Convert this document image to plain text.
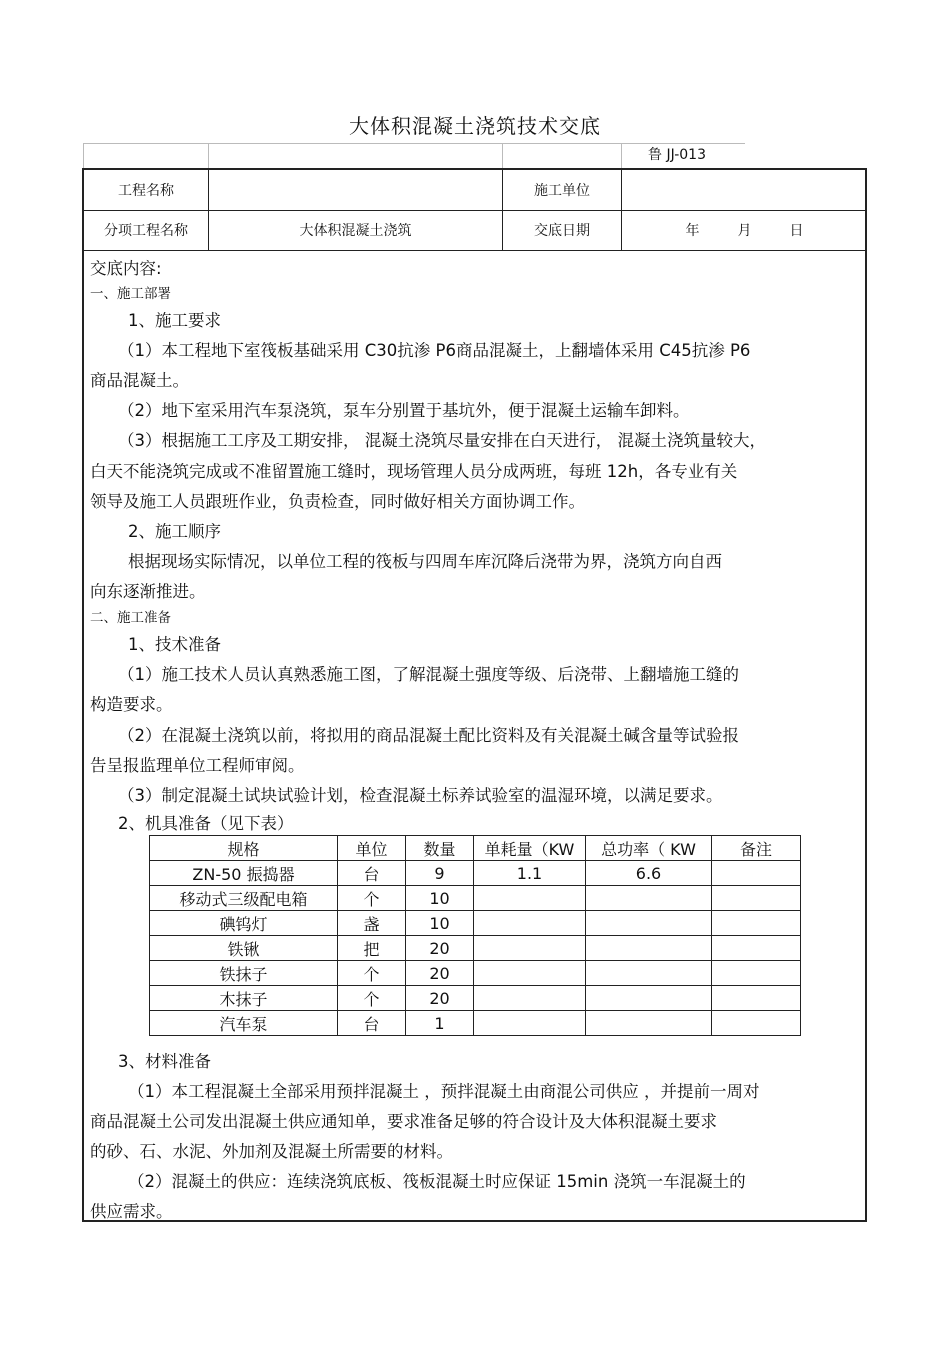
大体积混凝土浇筑技术交底
鲁 JJ-013
工程名称	施工单位
分项工程名称	大体积混凝土浇筑	交底日期	年	月	日
交底内容:
一、施工部署
1、施工要求
（1）本工程地下室筏板基础采用 C30抗渗 P6商品混凝土，上翻墙体采用 C45抗渗 P6
商品混凝土。
（2）地下室采用汽车泵浇筑，泵车分别置于基坑外，便于混凝土运输车卸料。
（3）根据施工工序及工期安排， 混凝土浇筑尽量安排在白天进行， 混凝土浇筑量较大，
白天不能浇筑完成或不准留置施工缝时，现场管理人员分成两班，每班 12h，各专业有关
领导及施工人员跟班作业，负责检查，同时做好相关方面协调工作。
2、施工顺序
根据现场实际情况，以单位工程的筏板与四周车库沉降后浇带为界，浇筑方向自西
向东逐渐推进。
二、施工准备
1、技术准备
（1）施工技术人员认真熟悉施工图，了解混凝土强度等级、后浇带、上翻墙施工缝的
构造要求。
（2）在混凝土浇筑以前，将拟用的商品混凝土配比资料及有关混凝土碱含量等试验报
告呈报监理单位工程师审阅。
（3）制定混凝土试块试验计划，检查混凝土标养试验室的温湿环境，以满足要求。
2、机具准备（见下表）
规格	单位	数量	单耗量（KW	总功率（ KW	备注
ZN-50 振捣器	台	9	1.1	6.6	
移动式三级配电箱	个	10			
碘钨灯	盏	10			
铁锹	把	20			
铁抹子	个	20			
木抹子	个	20			
汽车泵	台	1			
3、材料准备
（1）本工程混凝土全部采用预拌混凝土 ，预拌混凝土由商混公司供应 ，并提前一周对
商品混凝土公司发出混凝土供应通知单，要求准备足够的符合设计及大体积混凝土要求
的砂、石、水泥、外加剂及混凝土所需要的材料。
（2）混凝土的供应：连续浇筑底板、筏板混凝土时应保证 15min 浇筑一车混凝土的
供应需求。
